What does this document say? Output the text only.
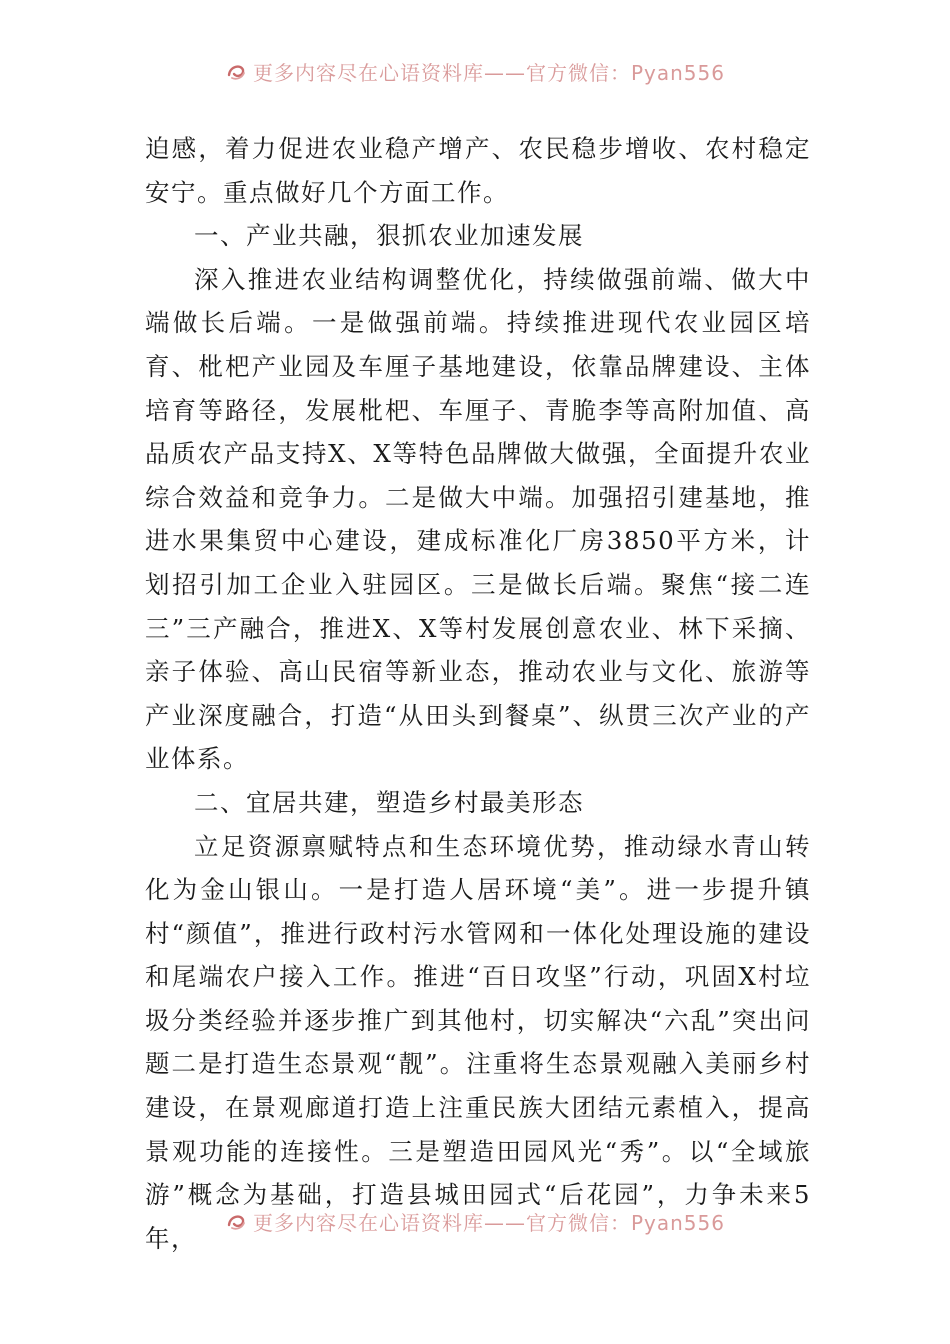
更多内容尽在心语资料库——官方微信：Pyan556

迫感，着力促进农业稳产增产、农民稳步增收、农村稳定安宁。重点做好几个方面工作。

一、产业共融，狠抓农业加速发展

深入推进农业结构调整优化，持续做强前端、做大中端做长后端。一是做强前端。持续推进现代农业园区培育、枇杷产业园及车厘子基地建设，依靠品牌建设、主体培育等路径，发展枇杷、车厘子、青脆李等高附加值、高品质农产品支持X、X等特色品牌做大做强，全面提升农业综合效益和竞争力。二是做大中端。加强招引建基地，推进水果集贸中心建设，建成标准化厂房3850平方米，计划招引加工企业入驻园区。三是做长后端。聚焦“接二连三”三产融合，推进X、X等村发展创意农业、林下采摘、亲子体验、高山民宿等新业态，推动农业与文化、旅游等产业深度融合，打造“从田头到餐桌”、纵贯三次产业的产业体系。

二、宜居共建，塑造乡村最美形态

立足资源禀赋特点和生态环境优势，推动绿水青山转化为金山银山。一是打造人居环境“美”。进一步提升镇村“颜值”，推进行政村污水管网和一体化处理设施的建设和尾端农户接入工作。推进“百日攻坚”行动，巩固X村垃圾分类经验并逐步推广到其他村，切实解决“六乱”突出问题二是打造生态景观“靓”。注重将生态景观融入美丽乡村建设，在景观廊道打造上注重民族大团结元素植入，提高景观功能的连接性。三是塑造田园风光“秀”。以“全域旅游”概念为基础，打造县城田园式“后花园”，力争未来5年，

更多内容尽在心语资料库——官方微信：Pyan556
